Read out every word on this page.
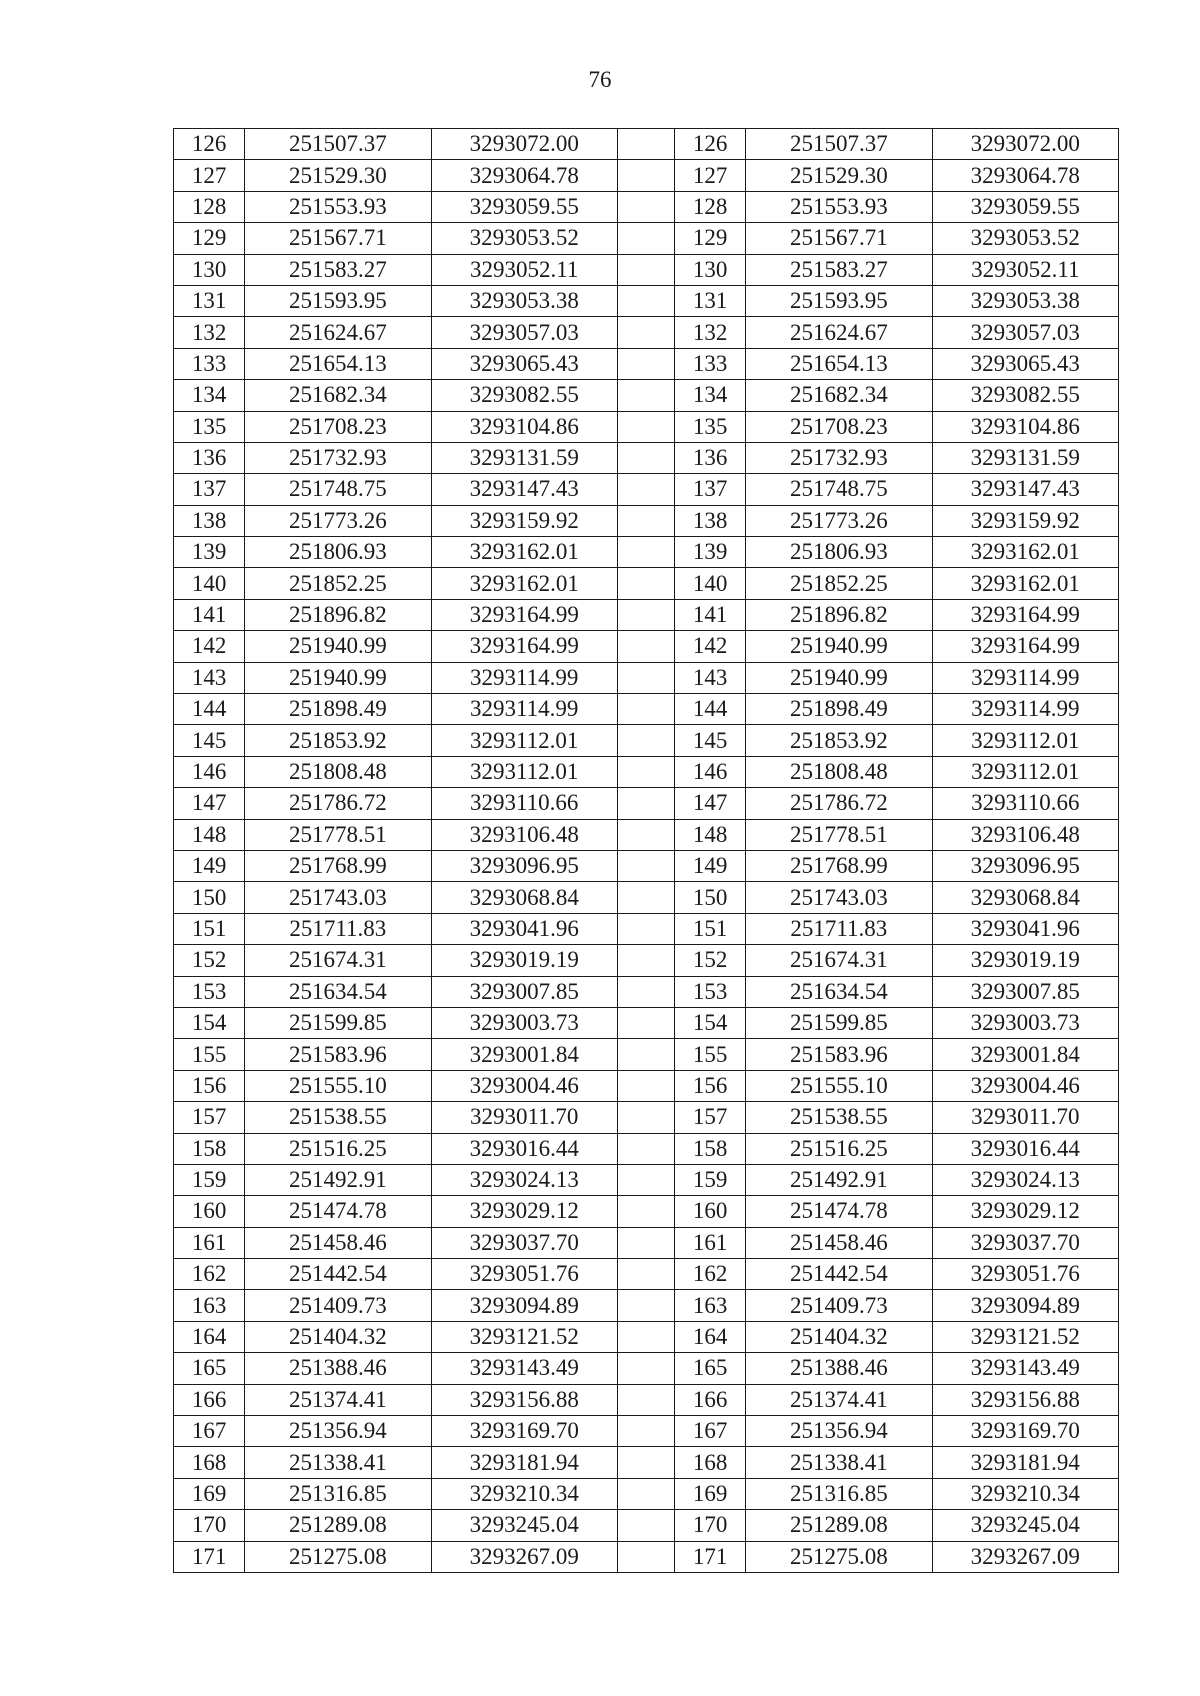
76
126	251507.37	3293072.00		126	251507.37	3293072.00
127	251529.30	3293064.78		127	251529.30	3293064.78
128	251553.93	3293059.55		128	251553.93	3293059.55
129	251567.71	3293053.52		129	251567.71	3293053.52
130	251583.27	3293052.11		130	251583.27	3293052.11
131	251593.95	3293053.38		131	251593.95	3293053.38
132	251624.67	3293057.03		132	251624.67	3293057.03
133	251654.13	3293065.43		133	251654.13	3293065.43
134	251682.34	3293082.55		134	251682.34	3293082.55
135	251708.23	3293104.86		135	251708.23	3293104.86
136	251732.93	3293131.59		136	251732.93	3293131.59
137	251748.75	3293147.43		137	251748.75	3293147.43
138	251773.26	3293159.92		138	251773.26	3293159.92
139	251806.93	3293162.01		139	251806.93	3293162.01
140	251852.25	3293162.01		140	251852.25	3293162.01
141	251896.82	3293164.99		141	251896.82	3293164.99
142	251940.99	3293164.99		142	251940.99	3293164.99
143	251940.99	3293114.99		143	251940.99	3293114.99
144	251898.49	3293114.99		144	251898.49	3293114.99
145	251853.92	3293112.01		145	251853.92	3293112.01
146	251808.48	3293112.01		146	251808.48	3293112.01
147	251786.72	3293110.66		147	251786.72	3293110.66
148	251778.51	3293106.48		148	251778.51	3293106.48
149	251768.99	3293096.95		149	251768.99	3293096.95
150	251743.03	3293068.84		150	251743.03	3293068.84
151	251711.83	3293041.96		151	251711.83	3293041.96
152	251674.31	3293019.19		152	251674.31	3293019.19
153	251634.54	3293007.85		153	251634.54	3293007.85
154	251599.85	3293003.73		154	251599.85	3293003.73
155	251583.96	3293001.84		155	251583.96	3293001.84
156	251555.10	3293004.46		156	251555.10	3293004.46
157	251538.55	3293011.70		157	251538.55	3293011.70
158	251516.25	3293016.44		158	251516.25	3293016.44
159	251492.91	3293024.13		159	251492.91	3293024.13
160	251474.78	3293029.12		160	251474.78	3293029.12
161	251458.46	3293037.70		161	251458.46	3293037.70
162	251442.54	3293051.76		162	251442.54	3293051.76
163	251409.73	3293094.89		163	251409.73	3293094.89
164	251404.32	3293121.52		164	251404.32	3293121.52
165	251388.46	3293143.49		165	251388.46	3293143.49
166	251374.41	3293156.88		166	251374.41	3293156.88
167	251356.94	3293169.70		167	251356.94	3293169.70
168	251338.41	3293181.94		168	251338.41	3293181.94
169	251316.85	3293210.34		169	251316.85	3293210.34
170	251289.08	3293245.04		170	251289.08	3293245.04
171	251275.08	3293267.09		171	251275.08	3293267.09
